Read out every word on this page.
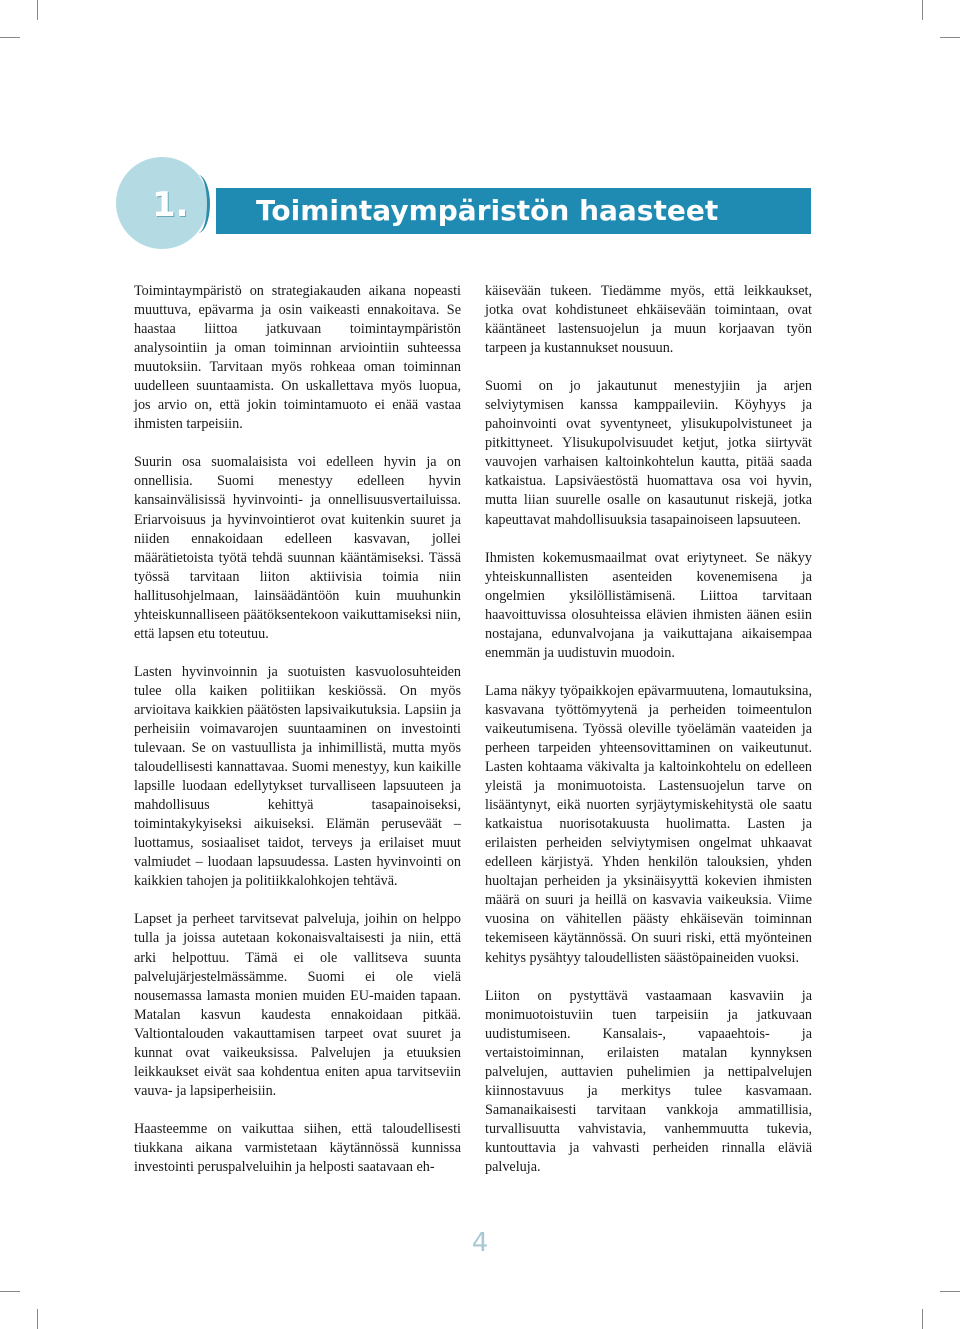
1. Toimintaympäristön haasteet

Toimintaympäristö on strategiakauden aikana nopeasti muuttuva, epävarma ja osin vaikeasti ennakoitava. Se haastaa liittoa jatkuvaan toimintaympäristön analysointiin ja oman toiminnan arviointiin suhteessa muutoksiin. Tarvitaan myös rohkeaa oman toiminnan uudelleen suuntaamista. On uskallettava myös luopua, jos arvio on, että jokin toimintamuoto ei enää vastaa ihmisten tarpeisiin.

Suurin osa suomalaisista voi edelleen hyvin ja on onnellisia. Suomi menestyy edelleen hyvin kansainvälisissä hyvinvointi- ja onnellisuusvertailuissa. Eriarvoisuus ja hyvinvointierot ovat kuitenkin suuret ja niiden ennakoidaan edelleen kasvavan, jollei määrätietoista työtä tehdä suunnan kääntämiseksi. Tässä työssä tarvitaan liiton aktiivisia toimia niin hallitusohjelmaan, lainsäädäntöön kuin muuhunkin yhteiskunnalliseen päätöksentekoon vaikuttamiseksi niin, että lapsen etu toteutuu.

Lasten hyvinvoinnin ja suotuisten kasvuolosuhteiden tulee olla kaiken politiikan keskiössä. On myös arvioitava kaikkien päätösten lapsivaikutuksia. Lapsiin ja perheisiin voimavarojen suuntaaminen on investointi tulevaan. Se on vastuullista ja inhimillistä, mutta myös taloudellisesti kannattavaa. Suomi menestyy, kun kaikille lapsille luodaan edellytykset turvalliseen lapsuuteen ja mahdollisuus kehittyä tasapainoiseksi, toimintakykyiseksi aikuiseksi. Elämän peruseväät – luottamus, sosiaaliset taidot, terveys ja erilaiset muut valmiudet – luodaan lapsuudessa. Lasten hyvinvointi on kaikkien tahojen ja politiikkalohkojen tehtävä.

Lapset ja perheet tarvitsevat palveluja, joihin on helppo tulla ja joissa autetaan kokonaisvaltaisesti ja niin, että arki helpottuu. Tämä ei ole vallitseva suunta palvelujärjestelmässämme. Suomi ei ole vielä nousemassa lamasta monien muiden EU-maiden tapaan. Matalan kasvun kaudesta ennakoidaan pitkää. Valtiontalouden vakauttamisen tarpeet ovat suuret ja kunnat ovat vaikeuksissa. Palvelujen ja etuuksien leikkaukset eivät saa kohdentua eniten apua tarvitseviin vauva- ja lapsiperheisiin.

Haasteemme on vaikuttaa siihen, että taloudellisesti tiukkana aikana varmistetaan käytännössä kunnissa investointi peruspalveluihin ja helposti saatavaan eh-

käisevään tukeen. Tiedämme myös, että leikkaukset, jotka ovat kohdistuneet ehkäisevään toimintaan, ovat kääntäneet lastensuojelun ja muun korjaavan työn tarpeen ja kustannukset nousuun.

Suomi on jo jakautunut menestyjiin ja arjen selviytymisen kanssa kamppaileviin. Köyhyys ja pahoinvointi ovat syventyneet, ylisukupolvistuneet ja pitkittyneet. Ylisukupolvisuudet ketjut, jotka siirtyvät vauvojen varhaisen kaltoinkohtelun kautta, pitää saada katkaistua. Lapsiväestöstä huomattava osa voi hyvin, mutta liian suurelle osalle on kasautunut riskejä, jotka kapeuttavat mahdollisuuksia tasapainoiseen lapsuuteen.

Ihmisten kokemusmaailmat ovat eriytyneet. Se näkyy yhteiskunnallisten asenteiden kovenemisena ja ongelmien yksilöllistämisenä. Liittoa tarvitaan haavoittuvissa olosuhteissa elävien ihmisten äänen esiin nostajana, edunvalvojana ja vaikuttajana aikaisempaa enemmän ja uudistuvin muodoin.

Lama näkyy työpaikkojen epävarmuutena, lomautuksina, kasvavana työttömyytenä ja perheiden toimeentulon vaikeutumisena. Työssä oleville työelämän vaateiden ja perheen tarpeiden yhteensovittaminen on vaikeutunut. Lasten kohtaama väkivalta ja kaltoinkohtelu on edelleen yleistä ja monimuotoista. Lastensuojelun tarve on lisääntynyt, eikä nuorten syrjäytymiskehitystä ole saatu katkaistua nuorisotakuusta huolimatta. Lasten ja erilaisten perheiden selviytymisen ongelmat uhkaavat edelleen kärjistyä. Yhden henkilön talouksien, yhden huoltajan perheiden ja yksinäisyyttä kokevien ihmisten määrä on suuri ja heillä on kasvavia vaikeuksia. Viime vuosina on vähitellen päästy ehkäisevän toiminnan tekemiseen käytännössä. On suuri riski, että myönteinen kehitys pysähtyy taloudellisten säästöpaineiden vuoksi.

Liiton on pystyttävä vastaamaan kasvaviin ja monimuotoistuviin tuen tarpeisiin ja jatkuvaan uudistumiseen. Kansalais-, vapaaehtois- ja vertaistoiminnan, erilaisten matalan kynnyksen palvelujen, auttavien puhelimien ja nettipalvelujen kiinnostavuus ja merkitys tulee kasvamaan. Samanaikaisesti tarvitaan vankkoja ammatillisia, turvallisuutta vahvistavia, vanhemmuutta tukevia, kuntouttavia ja vahvasti perheiden rinnalla eläviä palveluja.

4
